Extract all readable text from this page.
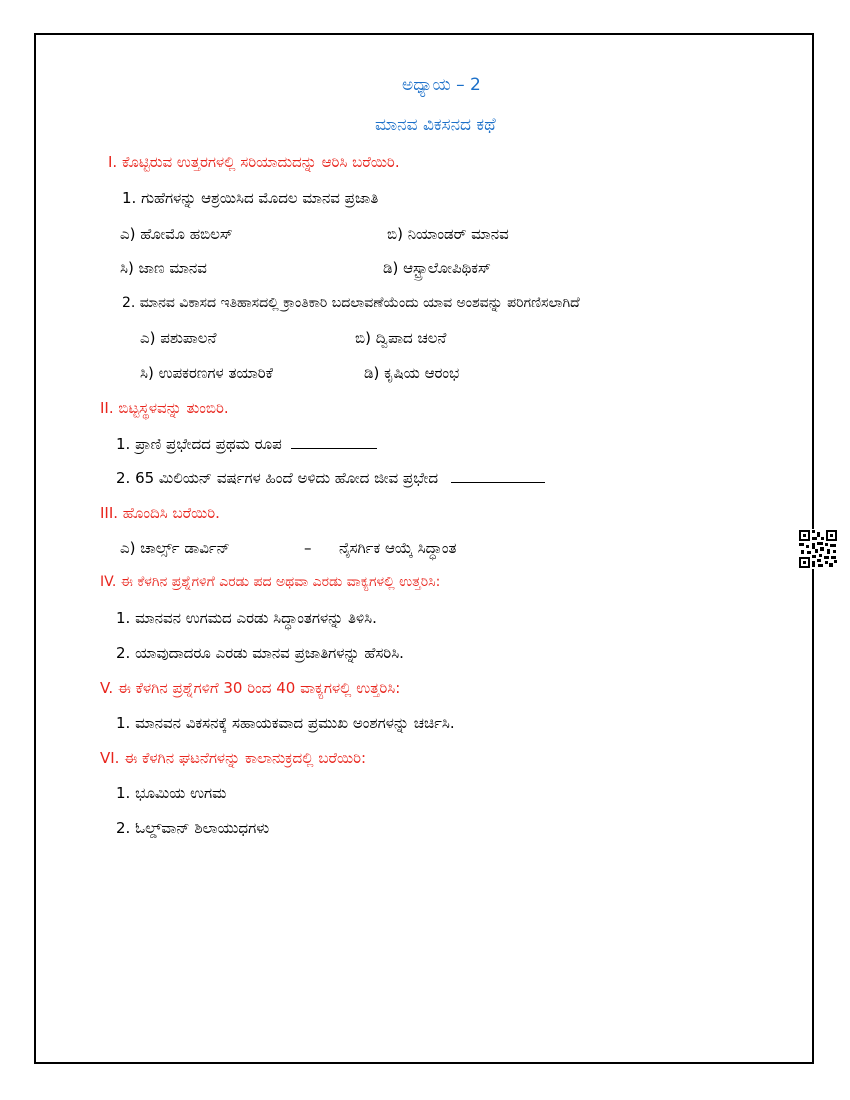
ಅಧ್ಯಾಯ – 2
ಮಾನವ ವಿಕಸನದ ಕಥೆ
I. ಕೊಟ್ಟಿರುವ ಉತ್ತರಗಳಲ್ಲಿ ಸರಿಯಾದುದನ್ನು ಆರಿಸಿ ಬರೆಯಿರಿ.
1. ಗುಹೆಗಳನ್ನು ಆಶ್ರಯಿಸಿದ ಮೊದಲ ಮಾನವ ಪ್ರಜಾತಿ
ಎ) ಹೋಮೊ ಹಬಿಲಸ್	ಬಿ) ನಿಯಾಂಡರ್ ಮಾನವ
ಸಿ) ಜಾಣ ಮಾನವ	ಡಿ) ಆಸ್ಟ್ರಾಲೋಪಿಥಿಕಸ್
2. ಮಾನವ ವಿಕಾಸದ ಇತಿಹಾಸದಲ್ಲಿ ಕ್ರಾಂತಿಕಾರಿ ಬದಲಾವಣೆಯೆಂದು ಯಾವ ಅಂಶವನ್ನು ಪರಿಗಣಿಸಲಾಗಿದೆ
ಎ) ಪಶುಪಾಲನೆ	ಬಿ) ದ್ವಿಪಾದ ಚಲನೆ
ಸಿ) ಉಪಕರಣಗಳ ತಯಾರಿಕೆ	ಡಿ) ಕೃಷಿಯ ಆರಂಭ
II. ಬಿಟ್ಟಸ್ಥಳವನ್ನು ತುಂಬಿರಿ.
1. ಪ್ರಾಣಿ ಪ್ರಭೇದದ ಪ್ರಥಮ ರೂಪ
2. 65 ಮಿಲಿಯನ್ ವರ್ಷಗಳ ಹಿಂದೆ ಅಳಿದು ಹೋದ ಜೀವ ಪ್ರಭೇದ
III. ಹೊಂದಿಸಿ ಬರೆಯಿರಿ.
ಎ) ಚಾರ್ಲ್ಸ್ ಡಾರ್ವಿನ್	– ನೈಸರ್ಗಿಕ ಆಯ್ಕೆ ಸಿದ್ಧಾಂತ
IV. ಈ ಕೆಳಗಿನ ಪ್ರಶ್ನೆಗಳಿಗೆ ಎರಡು ಪದ ಅಥವಾ ಎರಡು ವಾಕ್ಯಗಳಲ್ಲಿ ಉತ್ತರಿಸಿ:
1. ಮಾನವನ ಉಗಮದ ಎರಡು ಸಿದ್ಧಾಂತಗಳನ್ನು ತಿಳಿಸಿ.
2. ಯಾವುದಾದರೂ ಎರಡು ಮಾನವ ಪ್ರಜಾತಿಗಳನ್ನು ಹೆಸರಿಸಿ.
V. ಈ ಕೆಳಗಿನ ಪ್ರಶ್ನೆಗಳಿಗೆ 30 ರಿಂದ 40 ವಾಕ್ಯಗಳಲ್ಲಿ ಉತ್ತರಿಸಿ:
1. ಮಾನವನ ವಿಕಸನಕ್ಕೆ ಸಹಾಯಕವಾದ ಪ್ರಮುಖ ಅಂಶಗಳನ್ನು ಚರ್ಚಿಸಿ.
VI. ಈ ಕೆಳಗಿನ ಘಟನೆಗಳನ್ನು ಕಾಲಾನುಕ್ರದಲ್ಲಿ ಬರೆಯಿರಿ:
1. ಭೂಮಿಯ ಉಗಮ
2. ಓಲ್ಡ್‌ವಾನ್ ಶಿಲಾಯುಧಗಳು
